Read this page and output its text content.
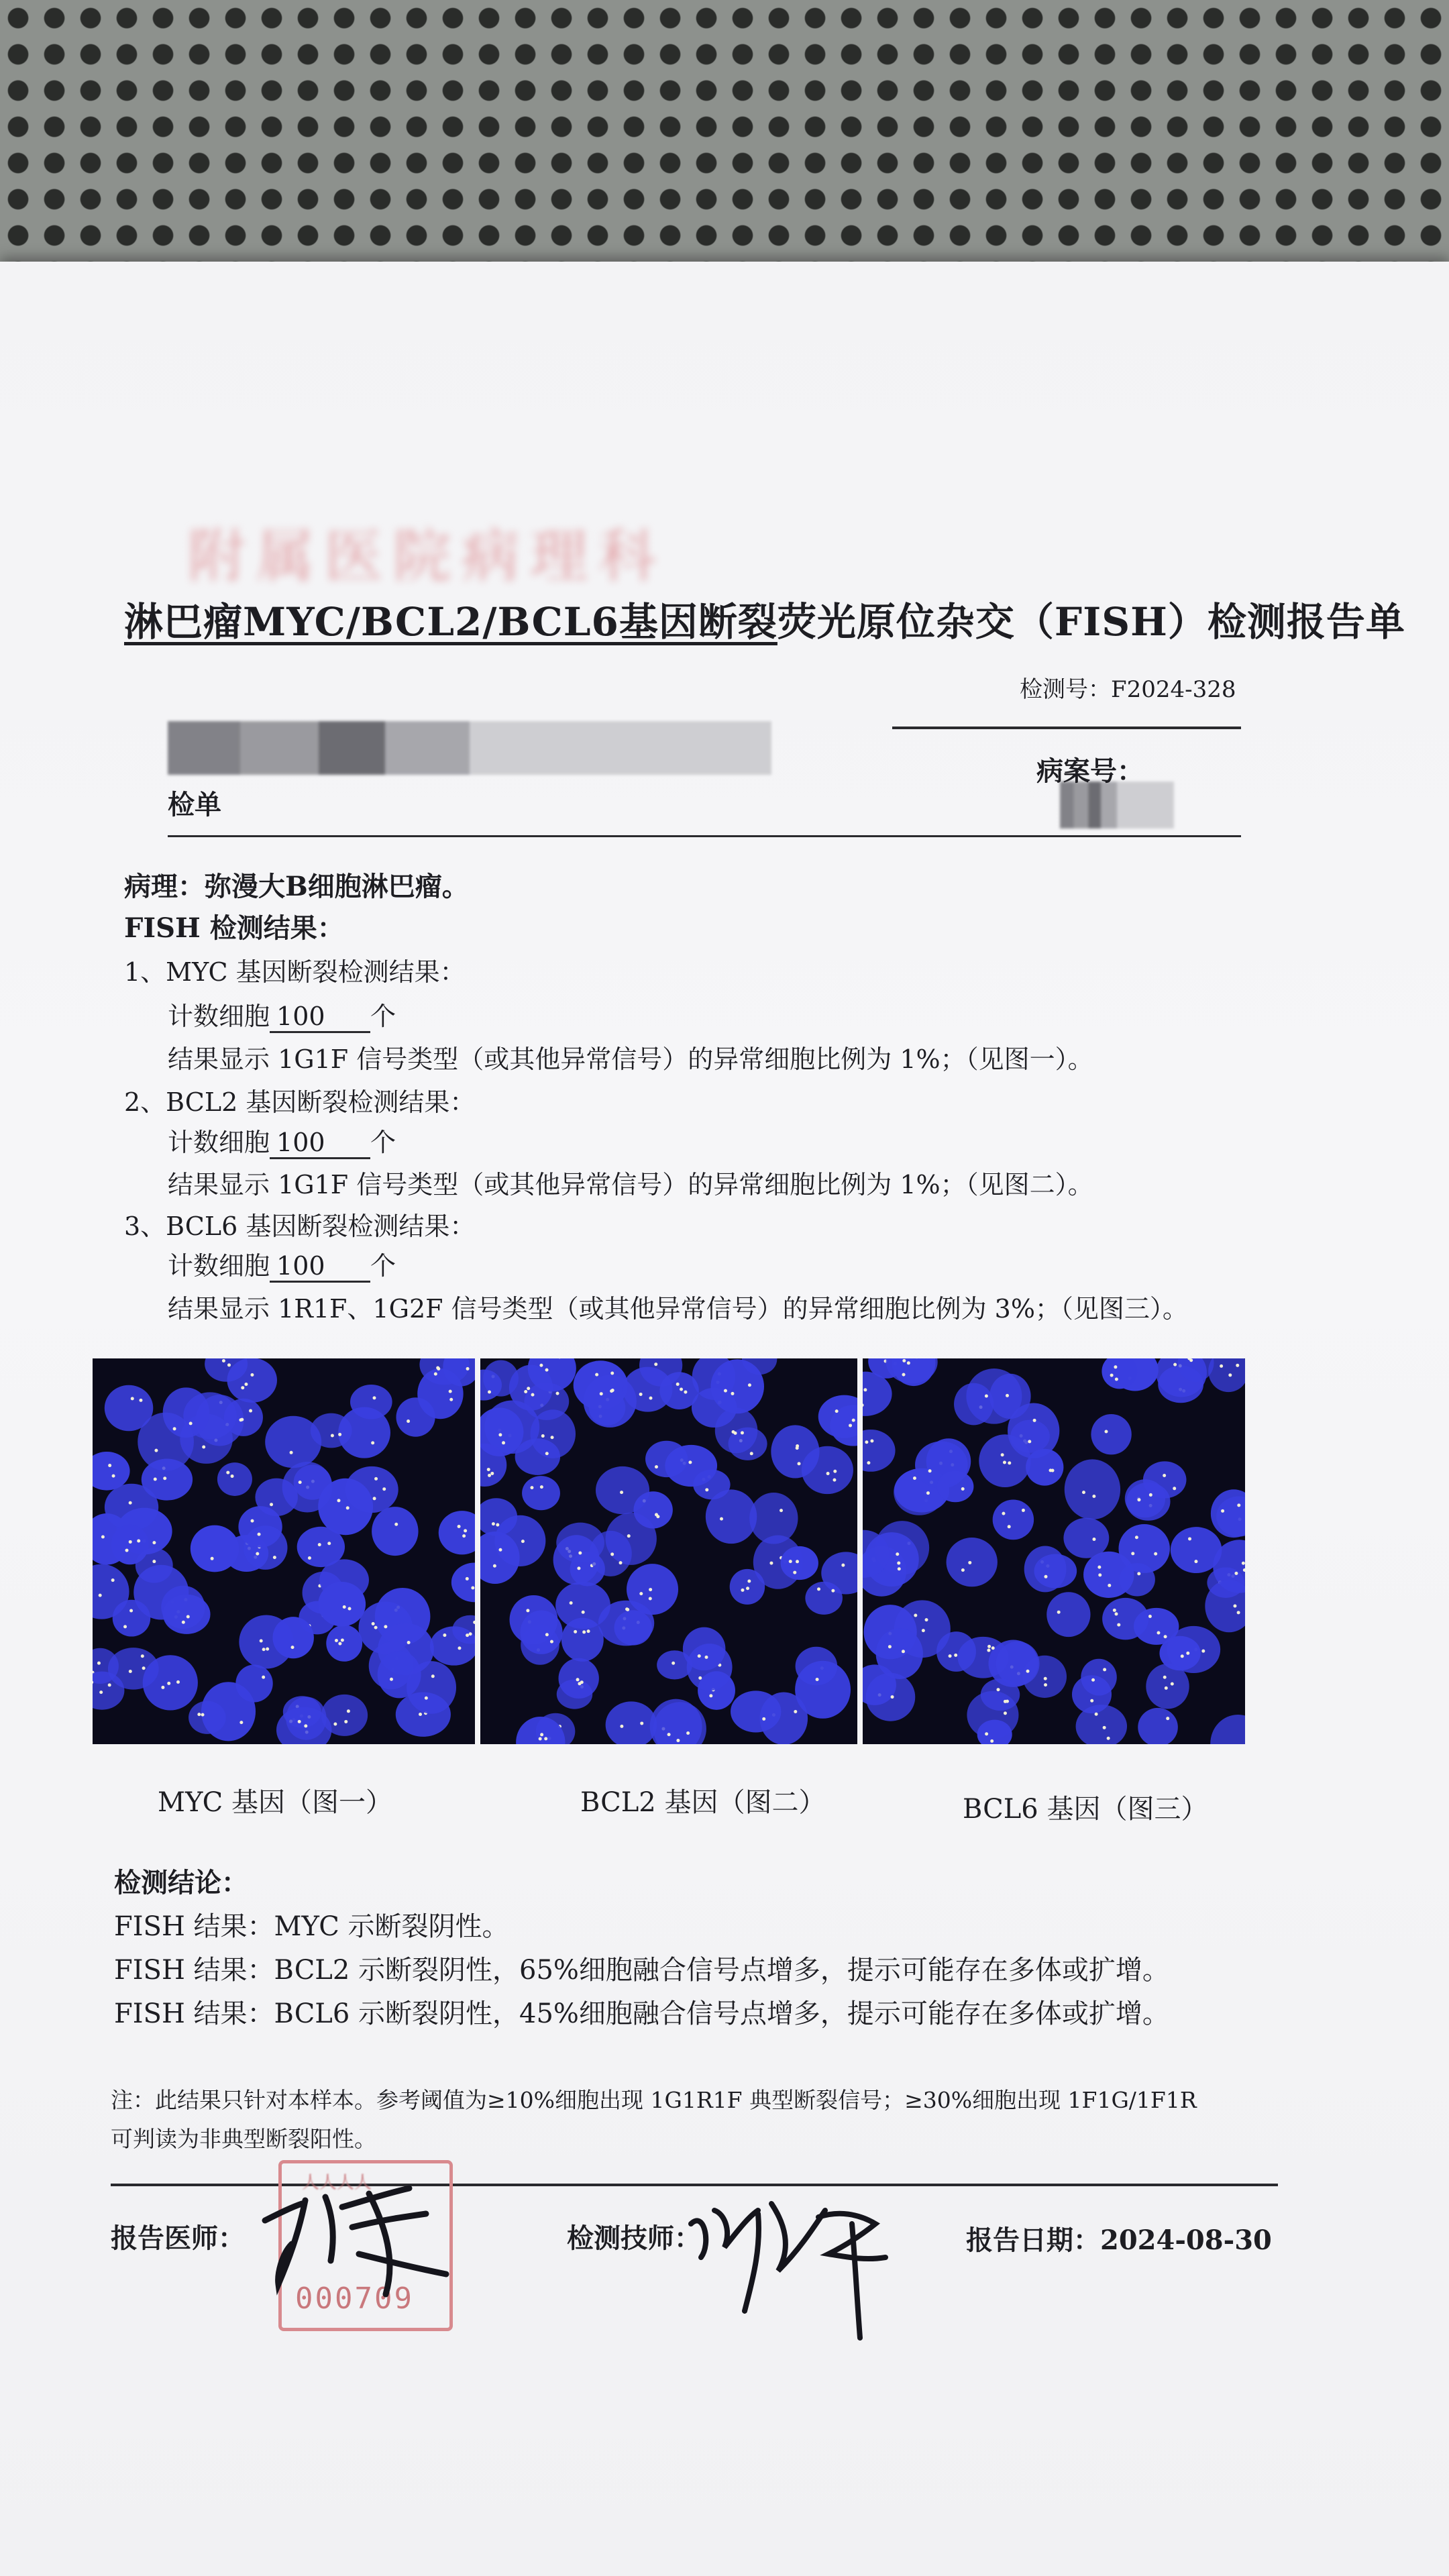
附属医院病理科
淋巴瘤MYC/BCL2/BCL6基因断裂荧光原位杂交（FISH）检测报告单
检测号：F2024-328
病案号：
检单
病理：弥漫大B细胞淋巴瘤。
FISH 检测结果：
1、MYC 基因断裂检测结果：
计数细胞 100 个
结果显示 1G1F 信号类型（或其他异常信号）的异常细胞比例为 1%；（见图一）。
2、BCL2 基因断裂检测结果：
计数细胞 100 个
结果显示 1G1F 信号类型（或其他异常信号）的异常细胞比例为 1%；（见图二）。
3、BCL6 基因断裂检测结果：
计数细胞 100 个
结果显示 1R1F、1G2F 信号类型（或其他异常信号）的异常细胞比例为 3%；（见图三）。
MYC 基因（图一）	BCL2 基因（图二）	BCL6 基因（图三）
检测结论：
FISH 结果：MYC 示断裂阴性。
FISH 结果：BCL2 示断裂阴性，65%细胞融合信号点增多，提示可能存在多体或扩增。
FISH 结果：BCL6 示断裂阴性，45%细胞融合信号点增多，提示可能存在多体或扩增。
注：此结果只针对本样本。参考阈值为≥10%细胞出现 1G1R1F 典型断裂信号；≥30%细胞出现 1F1G/1F1R
可判读为非典型断裂阳性。
报告医师：
人人人人
000709
检测技师：	报告日期：2024-08-30
